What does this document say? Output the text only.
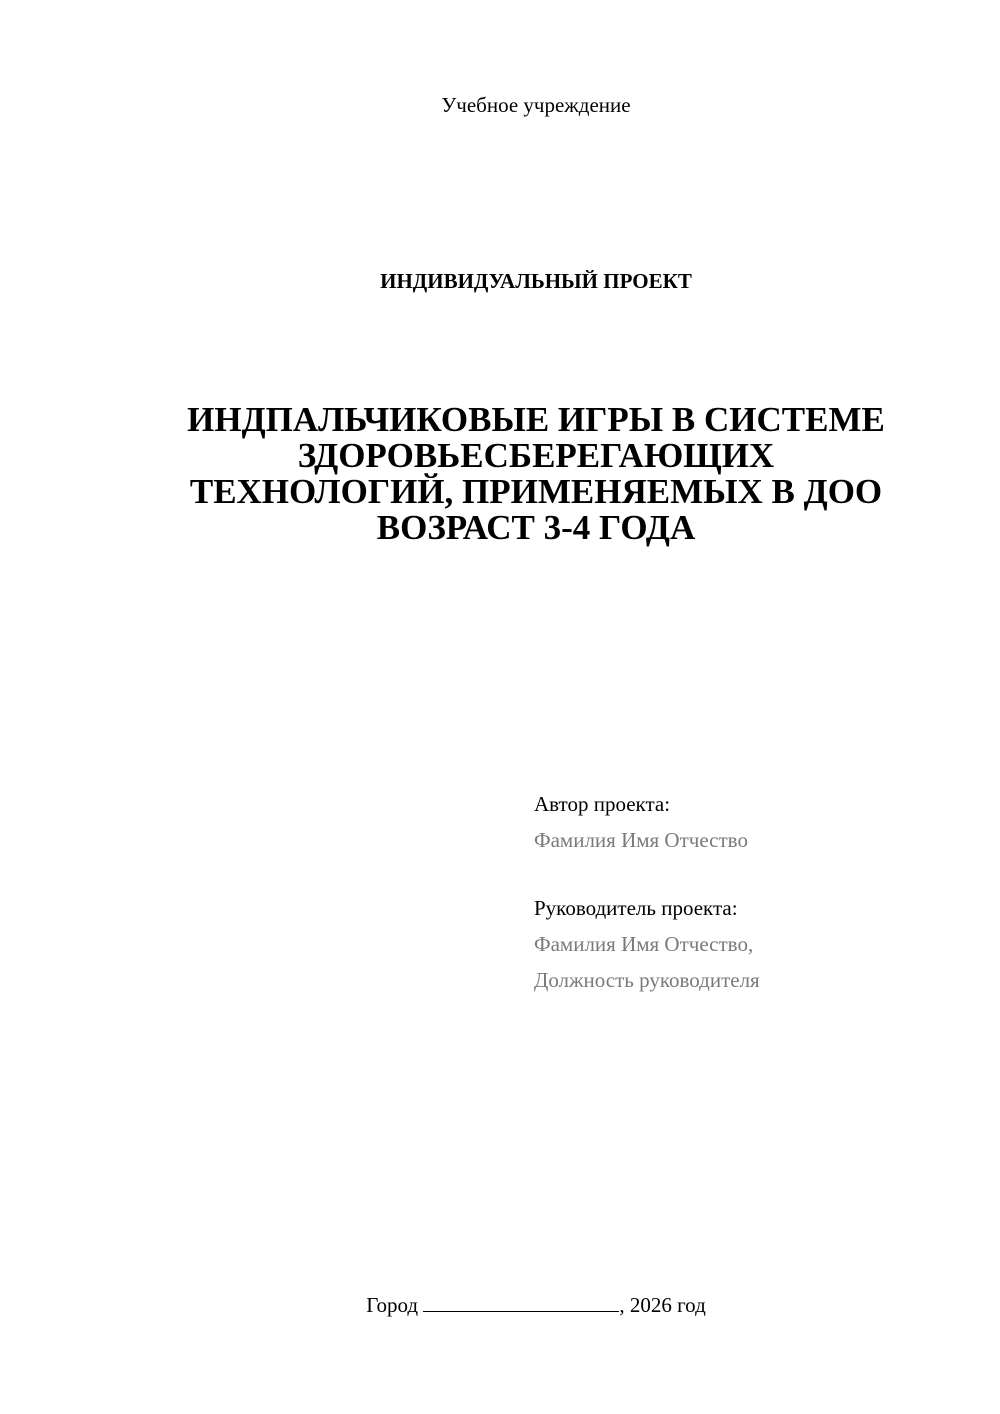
Учебное учреждение
ИНДИВИДУАЛЬНЫЙ ПРОЕКТ
ИНДПАЛЬЧИКОВЫЕ ИГРЫ В СИСТЕМЕ
ЗДОРОВЬЕСБЕРЕГАЮЩИХ
ТЕХНОЛОГИЙ, ПРИМЕНЯЕМЫХ В ДОО
ВОЗРАСТ 3-4 ГОДА
Автор проекта:
Фамилия Имя Отчество
Руководитель проекта:
Фамилия Имя Отчество,
Должность руководителя
Город	, 2026 год
